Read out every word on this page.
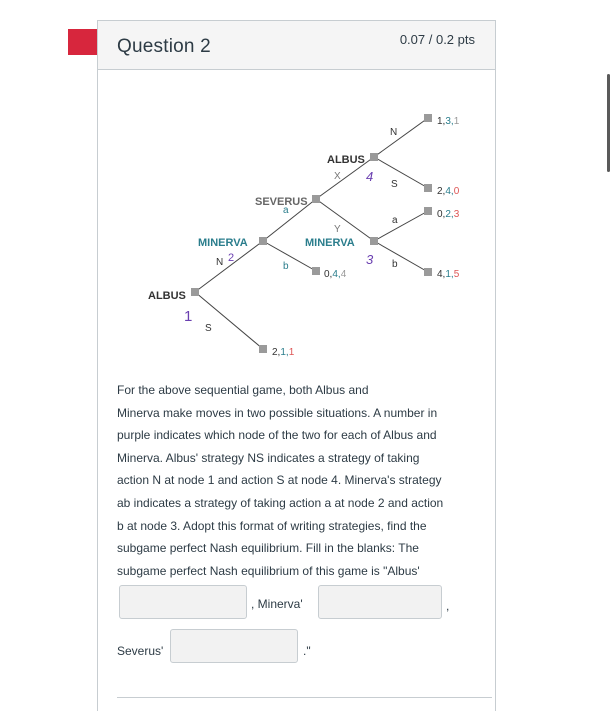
Question 2	0.07 / 0.2 pts
ALBUS
MINERVA
SEVERUS
ALBUS
MINERVA
1
2
4
3
N
S
a
b
X
Y
N
S
a
b
2,1,1
0,4,4
1,3,1
2,4,0
0,2,3
4,1,5
For the above sequential game, both Albus and
Minerva make moves in two possible situations. A number in
purple indicates which node of the two for each of Albus and
Minerva. Albus' strategy NS indicates a strategy of taking
action N at node 1 and action S at node 4. Minerva's strategy
ab indicates a strategy of taking action a at node 2 and action
b at node 3. Adopt this format of writing strategies, find the
subgame perfect Nash equilibrium. Fill in the blanks: The
subgame perfect Nash equilibrium of this game is "Albus'
, Minerva'	,
Severus'	."
